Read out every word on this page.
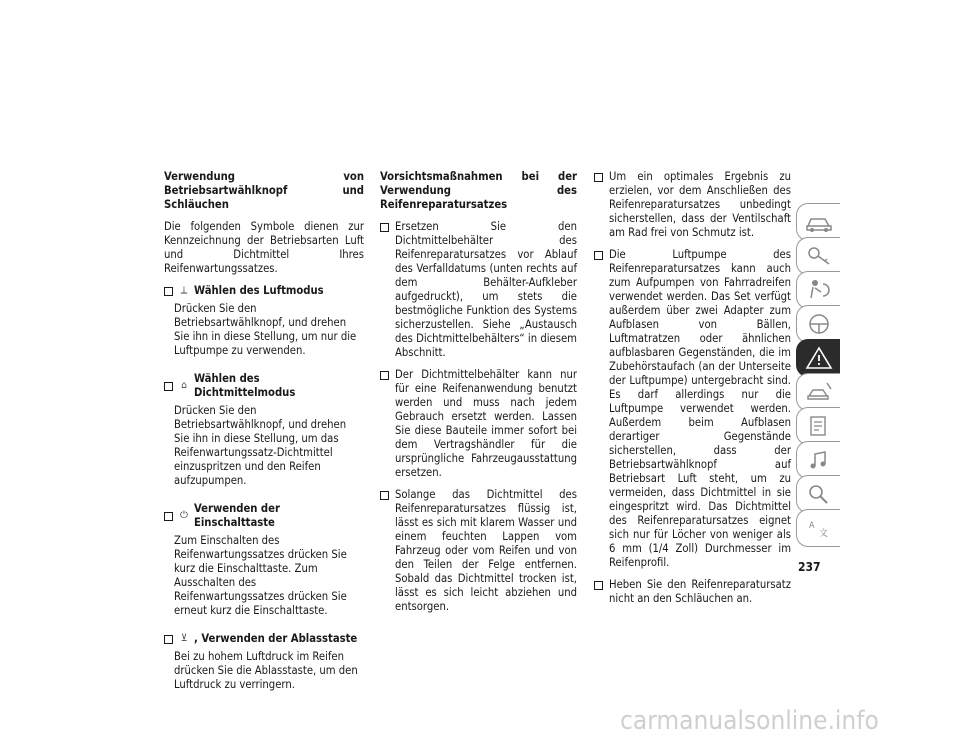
Verwendung von Betriebsartwählknopf und Schläuchen
Die folgenden Symbole dienen zur Kennzeichnung der Betriebsarten Luft und Dichtmittel Ihres Reifenwartungssatzes.
⟂ Wählen des Luftmodus
Drücken Sie den Betriebsartwählknopf, und drehen Sie ihn in diese Stellung, um nur die Luftpumpe zu verwenden.
⌂
Wählen des Dichtmittelmodus
Drücken Sie den Betriebsartwählknopf, und drehen Sie ihn in diese Stellung, um das Reifenwartungssatz-Dichtmittel einzuspritzen und den Reifen aufzupumpen.
⏻
Verwenden der Einschalttaste
Zum Einschalten des Reifenwartungssatzes drücken Sie kurz die Einschalttaste. Zum Ausschalten des Reifenwartungssatzes drücken Sie erneut kurz die Einschalttaste.
⊻ , Verwenden der Ablasstaste
Bei zu hohem Luftdruck im Reifen drücken Sie die Ablasstaste, um den Luftdruck zu verringern.
Vorsichtsmaßnahmen bei der Verwendung des Reifenreparatursatzes
Ersetzen Sie den Dichtmittelbehälter des Reifenreparatursatzes vor Ablauf des Verfalldatums (unten rechts auf dem Behälter-Aufkleber aufgedruckt), um stets die bestmögliche Funktion des Systems sicherzustellen. Siehe „Austausch des Dichtmittelbehälters“ in diesem Abschnitt.
Der Dichtmittelbehälter kann nur für eine Reifenanwendung benutzt werden und muss nach jedem Gebrauch ersetzt werden. Lassen Sie diese Bauteile immer sofort bei dem Vertragshändler für die ursprüngliche Fahrzeugausstattung ersetzen.
Solange das Dichtmittel des Reifenreparatursatzes flüssig ist, lässt es sich mit klarem Wasser und einem feuchten Lappen vom Fahrzeug oder vom Reifen und von den Teilen der Felge entfernen. Sobald das Dichtmittel trocken ist, lässt es sich leicht abziehen und entsorgen.
Um ein optimales Ergebnis zu erzielen, vor dem Anschließen des Reifenreparatursatzes unbedingt sicherstellen, dass der Ventilschaft am Rad frei von Schmutz ist.
Die Luftpumpe des Reifenreparatursatzes kann auch zum Aufpumpen von Fahrradreifen verwendet werden. Das Set verfügt außerdem über zwei Adapter zum Aufblasen von Bällen, Luftmatratzen oder ähnlichen aufblasbaren Gegenständen, die im Zubehörstaufach (an der Unterseite der Luftpumpe) untergebracht sind. Es darf allerdings nur die Luftpumpe verwendet werden. Außerdem beim Aufblasen derartiger Gegenstände sicherstellen, dass der Betriebsartwählknopf auf Betriebsart Luft steht, um zu vermeiden, dass Dichtmittel in sie eingespritzt wird. Das Dichtmittel des Reifenreparatursatzes eignet sich nur für Löcher von weniger als 6 mm (1/4 Zoll) Durchmesser im Reifenprofil.
Heben Sie den Reifenreparatursatz nicht an den Schläuchen an.
A
文
237
carmanualsonline.info
